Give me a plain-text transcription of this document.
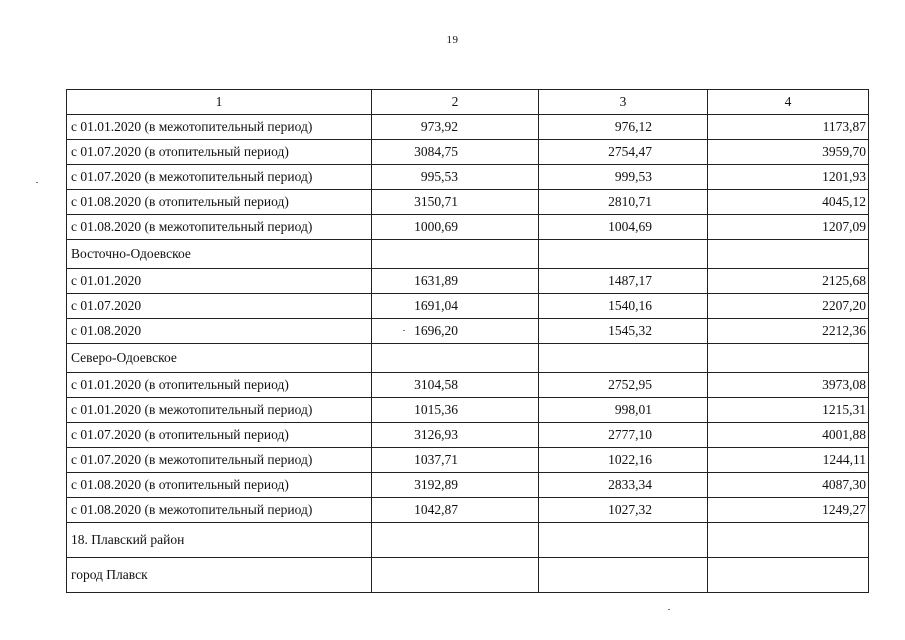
19
1	2	3	4
с 01.01.2020 (в межотопительный период)	973,92	976,12	1173,87
с 01.07.2020 (в отопительный период)	3084,75	2754,47	3959,70
с 01.07.2020 (в межотопительный период)	995,53	999,53	1201,93
с 01.08.2020 (в отопительный период)	3150,71	2810,71	4045,12
с 01.08.2020 (в межотопительный период)	1000,69	1004,69	1207,09
Восточно-Одоевское			
с 01.01.2020	1631,89	1487,17	2125,68
с 01.07.2020	1691,04	1540,16	2207,20
с 01.08.2020	1696,20	1545,32	2212,36
Северо-Одоевское			
с 01.01.2020 (в отопительный период)	3104,58	2752,95	3973,08
с 01.01.2020 (в межотопительный период)	1015,36	998,01	1215,31
с 01.07.2020 (в отопительный период)	3126,93	2777,10	4001,88
с 01.07.2020 (в межотопительный период)	1037,71	1022,16	1244,11
с 01.08.2020 (в отопительный период)	3192,89	2833,34	4087,30
с 01.08.2020 (в межотопительный период)	1042,87	1027,32	1249,27
18. Плавский район			
город Плавск			
